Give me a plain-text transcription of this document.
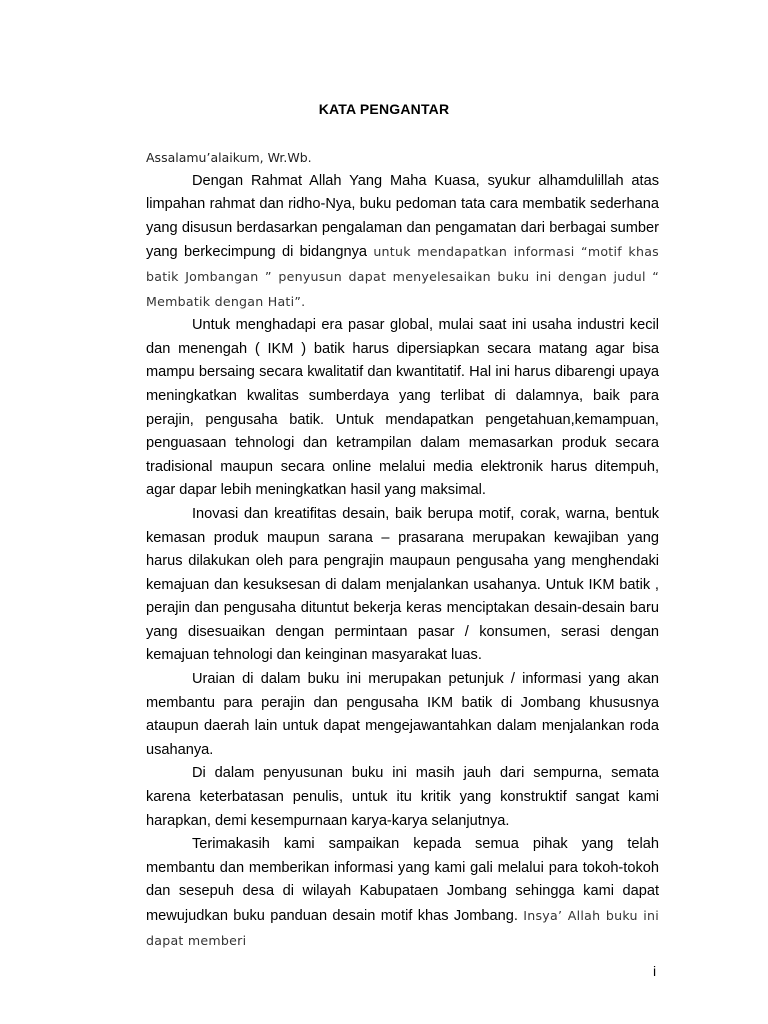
KATA PENGANTAR

Assalamu’alaikum, Wr.Wb.

Dengan Rahmat Allah Yang Maha Kuasa, syukur alhamdulillah atas limpahan rahmat dan ridho-Nya, buku pedoman tata cara membatik sederhana yang disusun berdasarkan pengalaman dan pengamatan dari berbagai sumber yang berkecimpung di bidangnya untuk mendapatkan informasi “motif khas batik Jombangan ” penyusun dapat menyelesaikan buku ini dengan judul “ Membatik dengan Hati”.

Untuk menghadapi era pasar global, mulai saat ini usaha industri kecil dan menengah ( IKM ) batik harus dipersiapkan secara matang agar bisa mampu bersaing secara kwalitatif dan kwantitatif. Hal ini harus dibarengi upaya meningkatkan kwalitas sumberdaya yang terlibat di dalamnya, baik para perajin, pengusaha batik. Untuk mendapatkan pengetahuan,kemampuan, penguasaan tehnologi dan ketrampilan dalam memasarkan produk secara tradisional maupun secara online melalui media elektronik harus ditempuh, agar dapar lebih meningkatkan hasil yang maksimal.

Inovasi dan kreatifitas desain, baik berupa motif, corak, warna, bentuk kemasan produk maupun sarana – prasarana merupakan kewajiban yang harus dilakukan oleh para pengrajin maupaun pengusaha yang menghendaki kemajuan dan kesuksesan di dalam menjalankan usahanya. Untuk IKM batik , perajin dan pengusaha dituntut bekerja keras menciptakan desain-desain baru yang disesuaikan dengan permintaan pasar / konsumen, serasi dengan kemajuan tehnologi dan keinginan masyarakat luas.

Uraian di dalam buku ini merupakan petunjuk / informasi yang akan membantu para perajin dan pengusaha IKM batik di Jombang khususnya ataupun daerah lain untuk dapat mengejawantahkan dalam menjalankan roda usahanya.

Di dalam penyusunan buku ini masih jauh dari sempurna, semata karena keterbatasan penulis, untuk itu kritik yang konstruktif sangat kami harapkan, demi kesempurnaan karya-karya selanjutnya.

Terimakasih kami sampaikan kepada semua pihak yang telah membantu dan memberikan informasi yang kami gali melalui para tokoh-tokoh dan sesepuh desa di wilayah Kabupataen Jombang sehingga kami dapat mewujudkan buku panduan desain motif khas Jombang. Insya’ Allah buku ini dapat memberi

i
